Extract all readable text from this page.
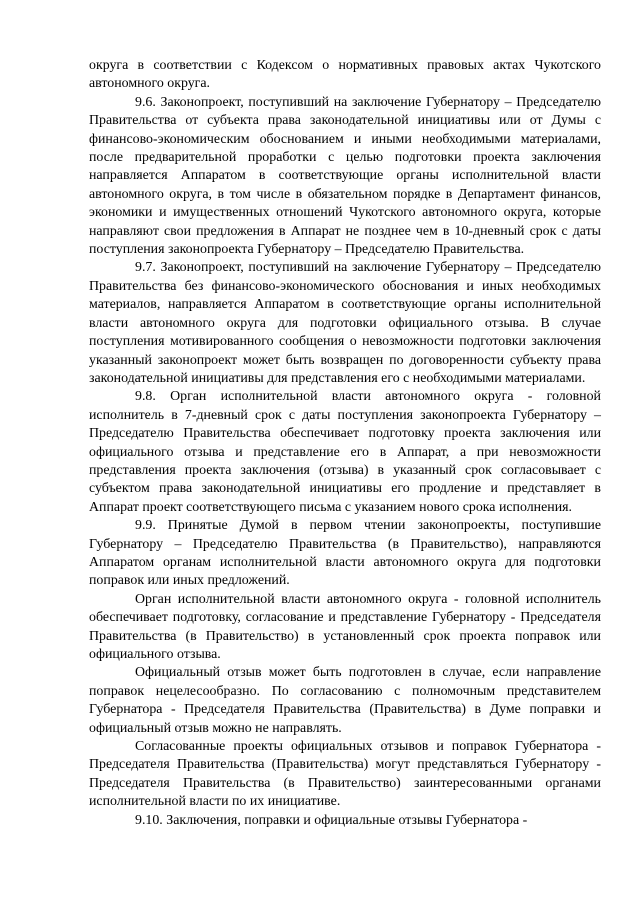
округа в соответствии с Кодексом о нормативных правовых актах Чукотского автономного округа.

9.6. Законопроект, поступивший на заключение Губернатору – Председателю Правительства от субъекта права законодательной инициативы или от Думы с финансово-экономическим обоснованием и иными необходимыми материалами, после предварительной проработки с целью подготовки проекта заключения направляется Аппаратом в соответствующие органы исполнительной власти автономного округа, в том числе в обязательном порядке в Департамент финансов, экономики и имущественных отношений Чукотского автономного округа, которые направляют свои предложения в Аппарат не позднее чем в 10-дневный срок с даты поступления законопроекта Губернатору – Председателю Правительства.

9.7. Законопроект, поступивший на заключение Губернатору – Председателю Правительства без финансово-экономического обоснования и иных необходимых материалов, направляется Аппаратом в соответствующие органы исполнительной власти автономного округа для подготовки официального отзыва. В случае поступления мотивированного сообщения о невозможности подготовки заключения указанный законопроект может быть возвращен по договоренности субъекту права законодательной инициативы для представления его с необходимыми материалами.

9.8. Орган исполнительной власти автономного округа - головной исполнитель в 7-дневный срок с даты поступления законопроекта Губернатору – Председателю Правительства обеспечивает подготовку проекта заключения или официального отзыва и представление его в Аппарат, а при невозможности представления проекта заключения (отзыва) в указанный срок согласовывает с субъектом права законодательной инициативы его продление и представляет в Аппарат проект соответствующего письма с указанием нового срока исполнения.

9.9. Принятые Думой в первом чтении законопроекты, поступившие Губернатору – Председателю Правительства (в Правительство), направляются Аппаратом органам исполнительной власти автономного округа для подготовки поправок или иных предложений.

Орган исполнительной власти автономного округа - головной исполнитель обеспечивает подготовку, согласование и представление Губернатору - Председателя Правительства (в Правительство) в установленный срок проекта поправок или официального отзыва.

Официальный отзыв может быть подготовлен в случае, если направление поправок нецелесообразно. По согласованию с полномочным представителем Губернатора - Председателя Правительства (Правительства) в Думе поправки и официальный отзыв можно не направлять.

Согласованные проекты официальных отзывов и поправок Губернатора - Председателя Правительства (Правительства) могут представляться Губернатору - Председателя Правительства (в Правительство) заинтересованными органами исполнительной власти по их инициативе.

9.10. Заключения, поправки и официальные отзывы Губернатора -
